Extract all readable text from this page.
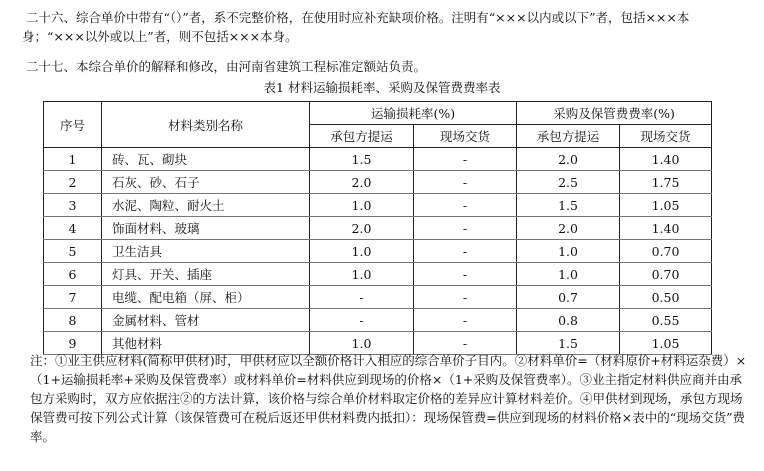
二十六、综合单价中带有“（）”者，系不完整价格，在使用时应补充缺项价格。注明有“×××以内或以下”者，包括×××本身；“×××以外或以上”者，则不包括×××本身。

二十七、本综合单价的解释和修改，由河南省建筑工程标准定额站负责。

表1 材料运输损耗率、采购及保管费费率表
序号	材料类别名称	运输损耗率(%)		采购及保管费费率(%)	
		承包方提运	现场交货	承包方提运	现场交货
1	砖、瓦、砌块	1.5	-	2.0	1.40
2	石灰、砂、石子	2.0	-	2.5	1.75
3	水泥、陶粒、耐火土	1.0	-	1.5	1.05
4	饰面材料、玻璃	2.0	-	2.0	1.40
5	卫生洁具	1.0	-	1.0	0.70
6	灯具、开关、插座	1.0	-	1.0	0.70
7	电缆、配电箱（屏、柜）	-	-	0.7	0.50
8	金属材料、管材	-	-	0.8	0.55
9	其他材料	1.0	-	1.5	1.05

注：①业主供应材料(简称甲供材)时，甲供材应以全额价格计入相应的综合单价子目内。②材料单价=（材料原价+材料运杂费）×（1+运输损耗率+采购及保管费率）或材料单价=材料供应到现场的价格×（1+采购及保管费率）。③业主指定材料供应商并由承包方采购时，双方应依据注②的方法计算，该价格与综合单价材料取定价格的差异应计算材料差价。④甲供材到现场，承包方现场保管费可按下列公式计算（该保管费可在税后返还甲供材料费内抵扣）：现场保管费=供应到现场的材料价格×表中的“现场交货”费率。
